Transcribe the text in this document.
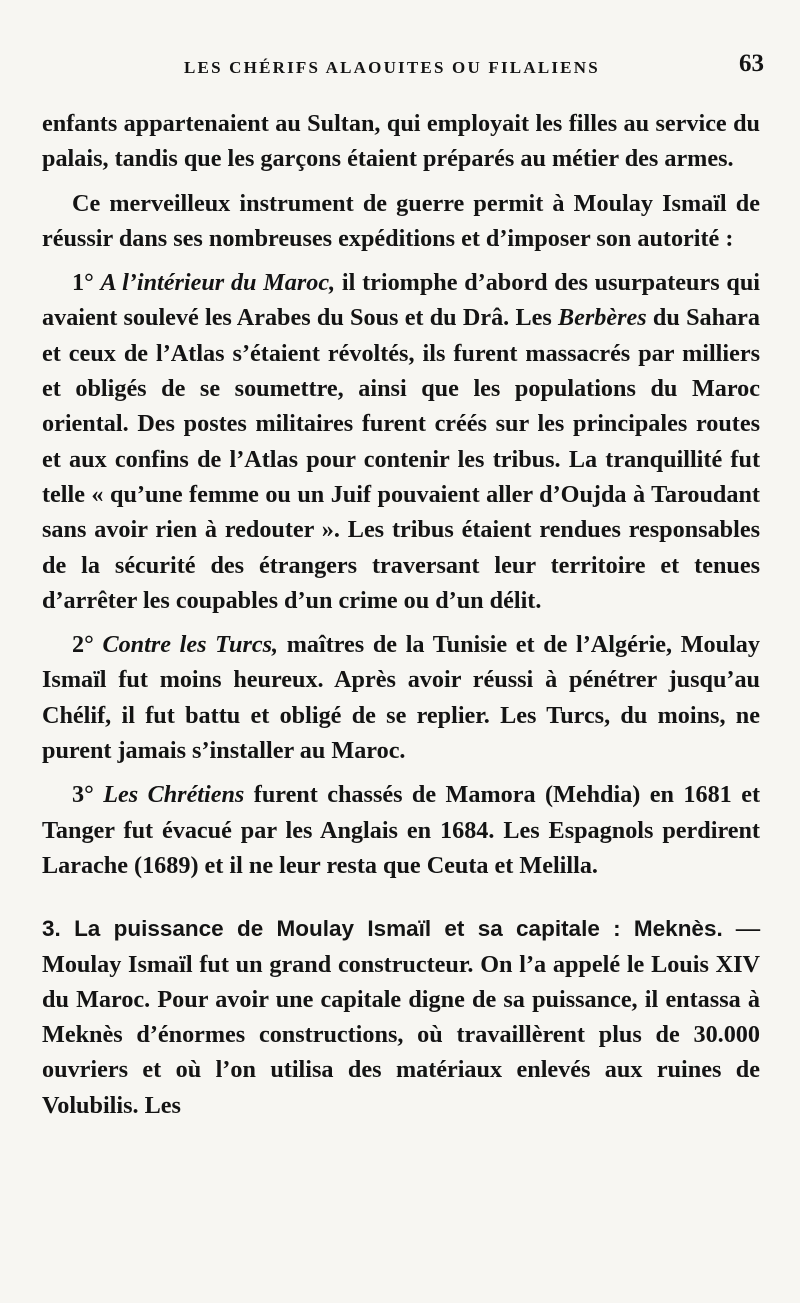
LES CHÉRIFS ALAOUITES OU FILALIENS	63

enfants appartenaient au Sultan, qui employait les filles au service du palais, tandis que les garçons étaient préparés au métier des armes.

Ce merveilleux instrument de guerre permit à Moulay Ismaïl de réussir dans ses nombreuses expéditions et d’imposer son autorité :

1° A l’intérieur du Maroc, il triomphe d’abord des usurpateurs qui avaient soulevé les Arabes du Sous et du Drâ. Les Berbères du Sahara et ceux de l’Atlas s’étaient révoltés, ils furent massacrés par milliers et obligés de se soumettre, ainsi que les populations du Maroc oriental. Des postes militaires furent créés sur les principales routes et aux confins de l’Atlas pour contenir les tribus. La tranquillité fut telle « qu’une femme ou un Juif pouvaient aller d’Oujda à Taroudant sans avoir rien à redouter ». Les tribus étaient rendues responsables de la sécurité des étrangers traversant leur territoire et tenues d’arrêter les coupables d’un crime ou d’un délit.

2° Contre les Turcs, maîtres de la Tunisie et de l’Algérie, Moulay Ismaïl fut moins heureux. Après avoir réussi à pénétrer jusqu’au Chélif, il fut battu et obligé de se replier. Les Turcs, du moins, ne purent jamais s’installer au Maroc.

3° Les Chrétiens furent chassés de Mamora (Mehdia) en 1681 et Tanger fut évacué par les Anglais en 1684. Les Espagnols perdirent Larache (1689) et il ne leur resta que Ceuta et Melilla.

3. La puissance de Moulay Ismaïl et sa capitale : Meknès. — Moulay Ismaïl fut un grand constructeur. On l’a appelé le Louis XIV du Maroc. Pour avoir une capitale digne de sa puissance, il entassa à Meknès d’énormes constructions, où travaillèrent plus de 30.000 ouvriers et où l’on utilisa des matériaux enlevés aux ruines de Volubilis. Les
